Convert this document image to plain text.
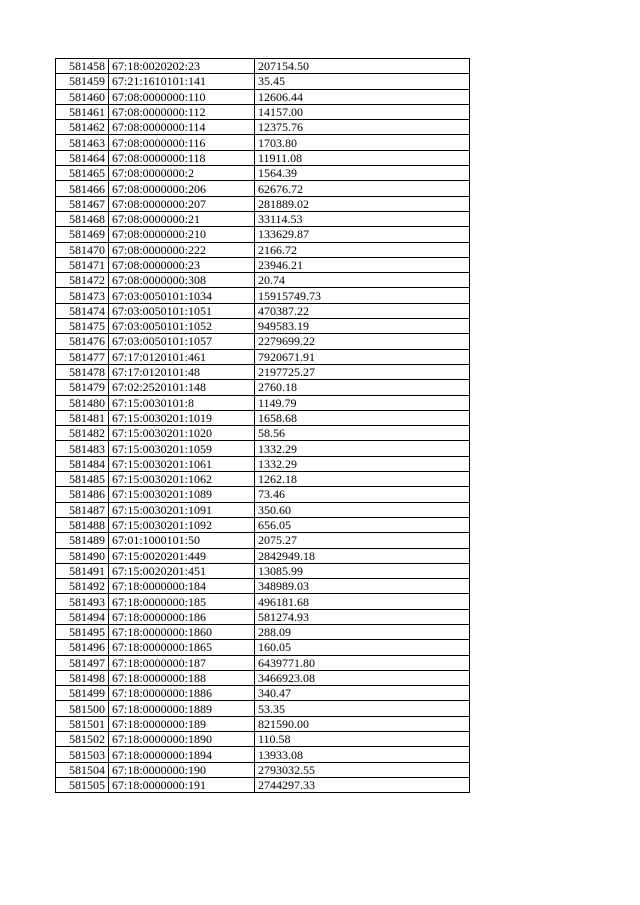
581458	67:18:0020202:23	207154.50
581459	67:21:1610101:141	35.45
581460	67:08:0000000:110	12606.44
581461	67:08:0000000:112	14157.00
581462	67:08:0000000:114	12375.76
581463	67:08:0000000:116	1703.80
581464	67:08:0000000:118	11911.08
581465	67:08:0000000:2	1564.39
581466	67:08:0000000:206	62676.72
581467	67:08:0000000:207	281889.02
581468	67:08:0000000:21	33114.53
581469	67:08:0000000:210	133629.87
581470	67:08:0000000:222	2166.72
581471	67:08:0000000:23	23946.21
581472	67:08:0000000:308	20.74
581473	67:03:0050101:1034	15915749.73
581474	67:03:0050101:1051	470387.22
581475	67:03:0050101:1052	949583.19
581476	67:03:0050101:1057	2279699.22
581477	67:17:0120101:461	7920671.91
581478	67:17:0120101:48	2197725.27
581479	67:02:2520101:148	2760.18
581480	67:15:0030101:8	1149.79
581481	67:15:0030201:1019	1658.68
581482	67:15:0030201:1020	58.56
581483	67:15:0030201:1059	1332.29
581484	67:15:0030201:1061	1332.29
581485	67:15:0030201:1062	1262.18
581486	67:15:0030201:1089	73.46
581487	67:15:0030201:1091	350.60
581488	67:15:0030201:1092	656.05
581489	67:01:1000101:50	2075.27
581490	67:15:0020201:449	2842949.18
581491	67:15:0020201:451	13085.99
581492	67:18:0000000:184	348989.03
581493	67:18:0000000:185	496181.68
581494	67:18:0000000:186	581274.93
581495	67:18:0000000:1860	288.09
581496	67:18:0000000:1865	160.05
581497	67:18:0000000:187	6439771.80
581498	67:18:0000000:188	3466923.08
581499	67:18:0000000:1886	340.47
581500	67:18:0000000:1889	53.35
581501	67:18:0000000:189	821590.00
581502	67:18:0000000:1890	110.58
581503	67:18:0000000:1894	13933.08
581504	67:18:0000000:190	2793032.55
581505	67:18:0000000:191	2744297.33
